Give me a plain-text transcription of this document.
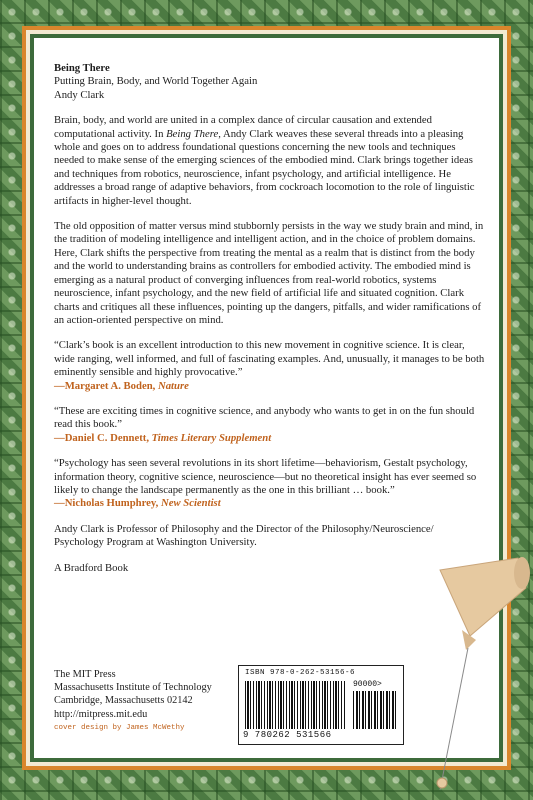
Being There

Putting Brain, Body, and World Together Again

Andy Clark

Brain, body, and world are united in a complex dance of circular causation and extended computational activity. In Being There, Andy Clark weaves these several threads into a pleasing whole and goes on to address foundational questions concerning the new tools and techniques needed to make sense of the emerging sciences of the embodied mind. Clark brings together ideas and techniques from robotics, neuroscience, infant psychology, and artificial intelligence. He addresses a broad range of adaptive behaviors, from cockroach locomotion to the role of linguistic artifacts in higher-level thought.

The old opposition of matter versus mind stubbornly persists in the way we study brain and mind, in the tradition of modeling intelligence and intelligent action, and in the choice of problem domains. Here, Clark shifts the perspective from treating the mental as a realm that is distinct from the body and the world to understanding brains as controllers for embodied activity. The embodied mind is emerging as a natural product of converging influences from real-world robotics, systems neuroscience, infant psychology, and the new field of artificial life and situated cognition. Clark charts and critiques all these influences, pointing up the dangers, pitfalls, and wider ramifications of an action-oriented perspective on mind.

“Clark’s book is an excellent introduction to this new movement in cognitive science. It is clear, wide ranging, well informed, and full of fascinating examples. And, unusually, it manages to be both eminently sensible and highly provocative.”

—Margaret A. Boden, Nature

“These are exciting times in cognitive science, and anybody who wants to get in on the fun should read this book.”

—Daniel C. Dennett, Times Literary Supplement

“Psychology has seen several revolutions in its short lifetime—behaviorism, Gestalt psychology, information theory, cognitive science, neuroscience—but no theoretical insight has ever seemed so likely to change the landscape permanently as the one in this brilliant … book.”

—Nicholas Humphrey, New Scientist

Andy Clark is Professor of Philosophy and the Director of the Philosophy/Neuroscience/ Psychology Program at Washington University.

A Bradford Book

The MIT Press
Massachusetts Institute of Technology
Cambridge, Massachusetts 02142
http://mitpress.mit.edu
cover design by James McWethy
ISBN 978-0-262-53156-6
90000>
9 780262 531566
